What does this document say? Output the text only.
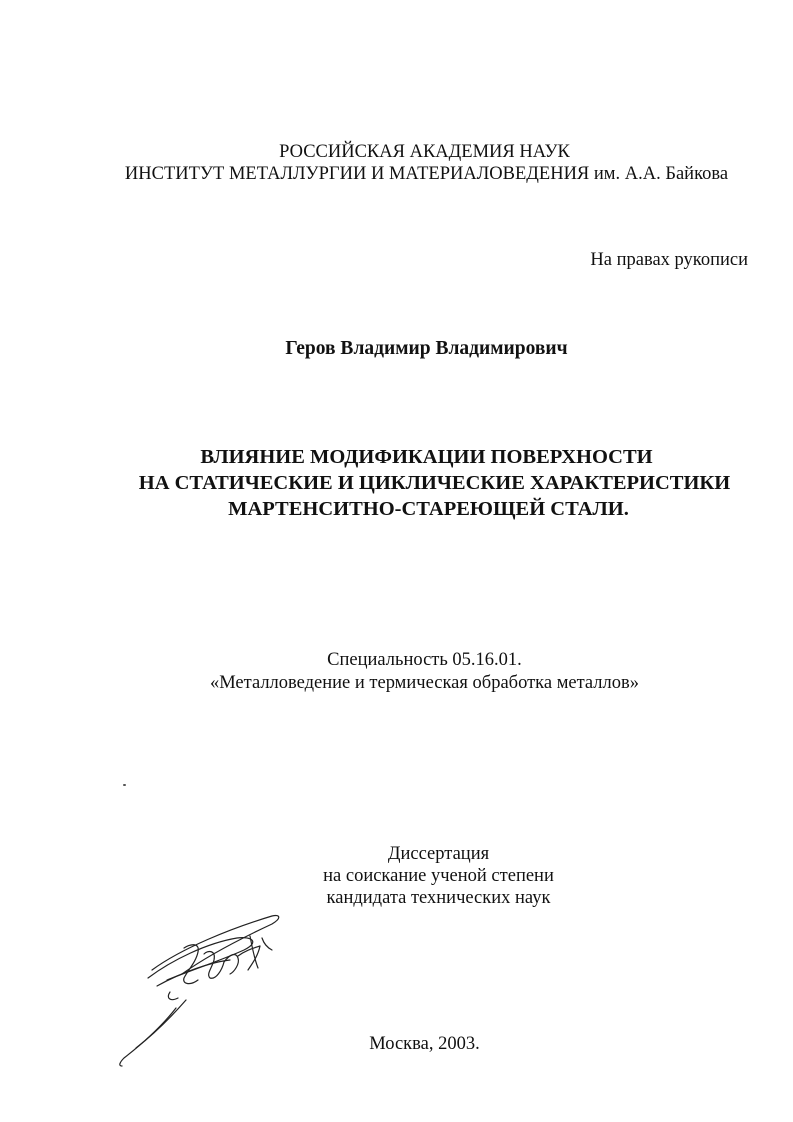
РОССИЙСКАЯ АКАДЕМИЯ НАУК
ИНСТИТУТ МЕТАЛЛУРГИИ И МАТЕРИАЛОВЕДЕНИЯ им. А.А. Байкова
На правах рукописи
Геров Владимир Владимирович
ВЛИЯНИЕ МОДИФИКАЦИИ ПОВЕРХНОСТИ
НА СТАТИЧЕСКИЕ И ЦИКЛИЧЕСКИЕ ХАРАКТЕРИСТИКИ
МАРТЕНСИТНО-СТАРЕЮЩЕЙ СТАЛИ.
Специальность 05.16.01.
«Металловедение и термическая обработка металлов»
Диссертация
на соискание ученой степени
кандидата технических наук
Москва, 2003.
